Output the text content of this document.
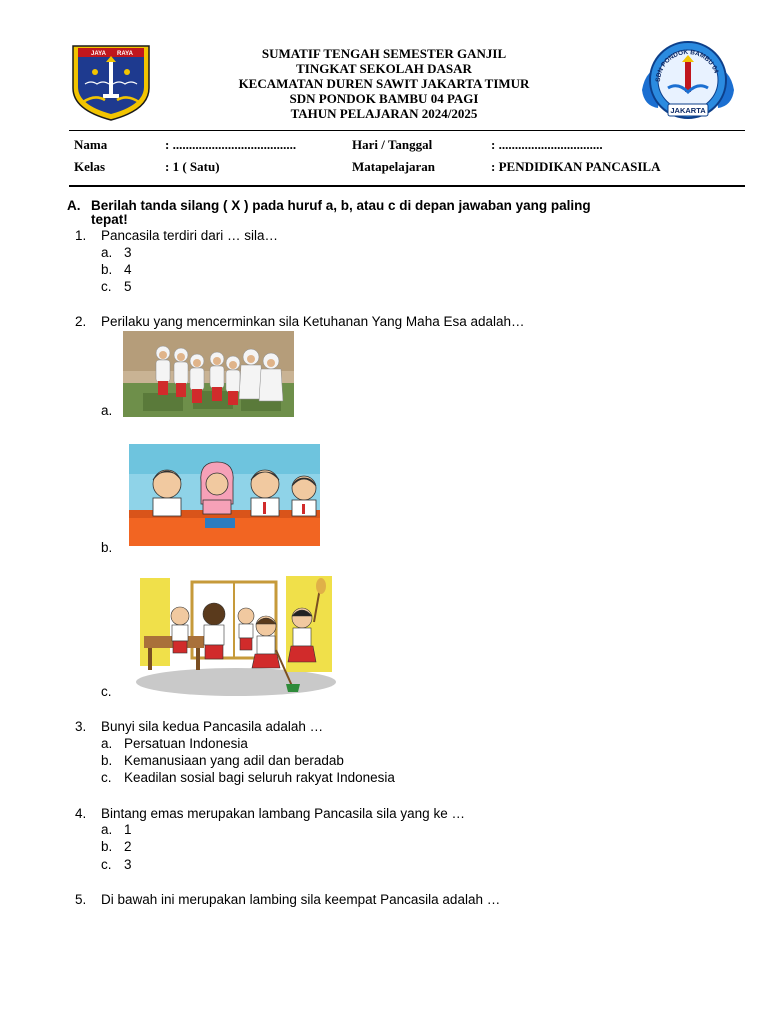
JAYA RAYA
SDN PONDOK BAMBU 04
JAKARTA
SUMATIF TENGAH SEMESTER GANJIL
TINGKAT SEKOLAH DASAR
KECAMATAN DUREN SAWIT JAKARTA TIMUR
SDN PONDOK BAMBU 04 PAGI
TAHUN PELAJARAN 2024/2025
Nama	: ......................................	Hari / Tanggal	: ................................
Kelas	: 1 ( Satu)	Matapelajaran	: PENDIDIKAN PANCASILA
A. Berilah tanda silang ( X ) pada huruf a, b, atau c di depan jawaban yang paling
tepat!
1. Pancasila terdiri dari … sila…
a. 3
b. 4
c. 5
2. Perilaku yang mencerminkan sila Ketuhanan Yang Maha Esa adalah…
a.
b.
c.
3. Bunyi sila kedua Pancasila adalah …
a. Persatuan Indonesia
b. Kemanusiaan yang adil dan beradab
c. Keadilan sosial bagi seluruh rakyat Indonesia
4. Bintang emas merupakan lambang Pancasila sila yang ke …
a. 1
b. 2
c. 3
5. Di bawah ini merupakan lambing sila keempat Pancasila adalah …
